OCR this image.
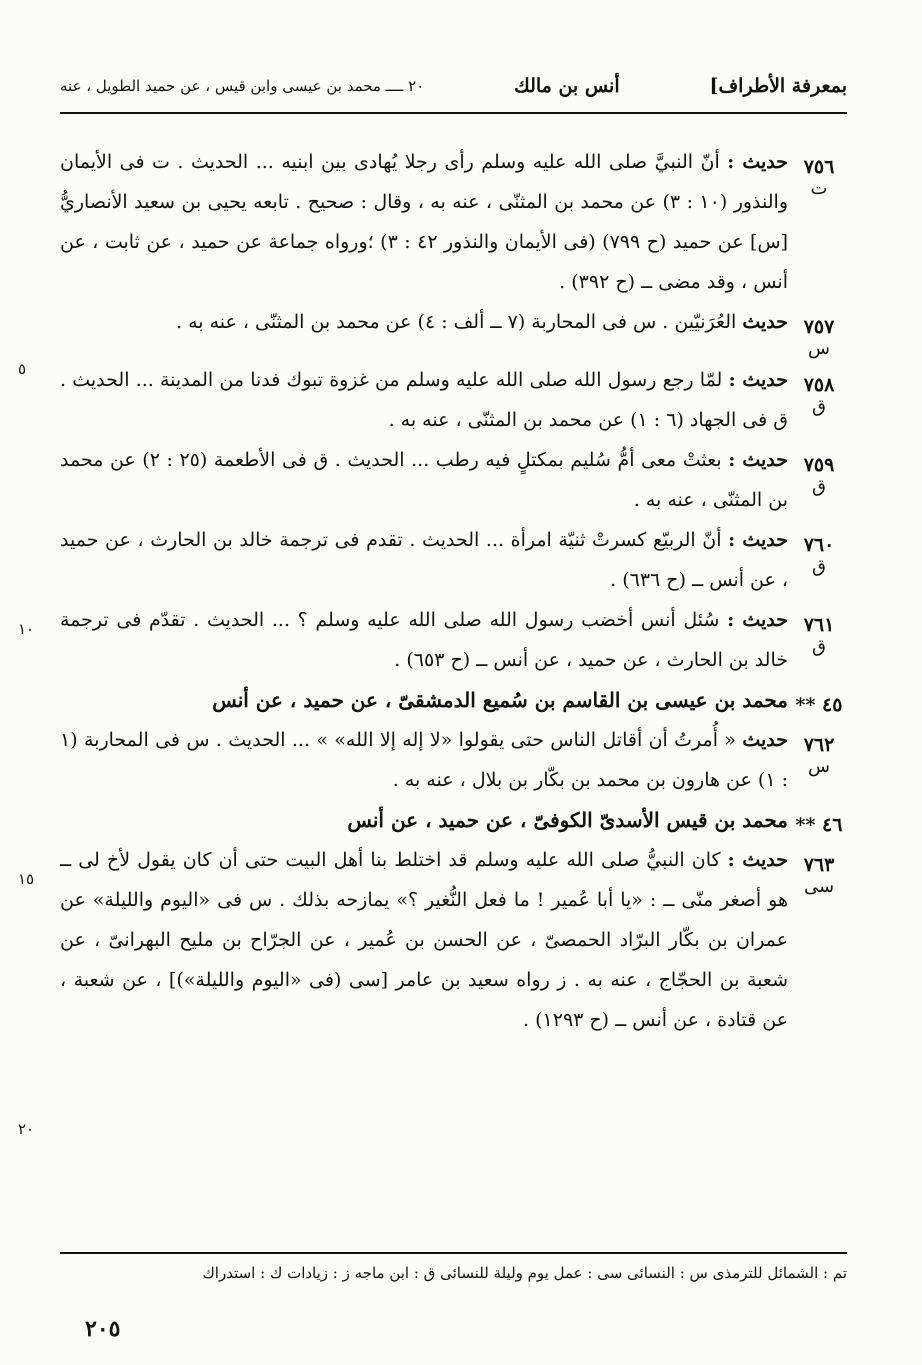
بمعرفة الأطراف]
أنس بن مالك
٢٠ ــــ محمد بن عيسى وابن قيس ، عن حميد الطويل ، عنه
٧٥٦
ت
حديث : أنّ النبيَّ صلى الله عليه وسلم رأى رجلا يُهادى بين ابنيه ... الحديث . ت فى الأيمان والنذور (١٠ : ٣) عن محمد بن المثنّى ، عنه به ، وقال : صحيح . تابعه يحيى بن سعيد الأنصاريُّ [س] عن حميد (ح ٧٩٩) (فى الأيمان والنذور ٤٢ : ٣) ؛ورواه جماعة عن حميد ، عن ثابت ، عن أنس ، وقد مضى ــ (ح ٣٩٢) .
٧٥٧
س
حديث العُرَنيّين . س فى المحاربة (٧ ــ ألف : ٤) عن محمد بن المثنّى ، عنه به .
٧٥٨
ق
حديث : لمّا رجع رسول الله صلى الله عليه وسلم من غزوة تبوك فدنا من المدينة ... الحديث . ق فى الجهاد (٦ : ١) عن محمد بن المثنّى ، عنه به .
٧٥٩
ق
حديث : بعثتْ معى أمُّ سُليم بمكتلٍ فيه رطب ... الحديث . ق فى الأطعمة (٢٥ : ٢) عن محمد بن المثنّى ، عنه به .
٧٦٠
ق
حديث : أنّ الربيّع كسرتْ ثنيّة امرأة ... الحديث . تقدم فى ترجمة خالد بن الحارث ، عن حميد ، عن أنس ــ (ح ٦٣٦) .
٧٦١
ق
حديث : سُئل أنس أخضب رسول الله صلى الله عليه وسلم ؟ ... الحديث . تقدّم فى ترجمة خالد بن الحارث ، عن حميد ، عن أنس ــ (ح ٦٥٣) .
٤٥ **
محمد بن عيسى بن القاسم بن سُميع الدمشقىّ ، عن حميد ، عن أنس
٧٦٢
س
حديث « أُمرتُ أن أقاتل الناس حتى يقولوا «لا إله إلا الله» » ... الحديث . س فى المحاربة (١ : ١) عن هارون بن محمد بن بكّار بن بلال ، عنه به .
٤٦ **
محمد بن قيس الأسدىّ الكوفىّ ، عن حميد ، عن أنس
٧٦٣
سى
حديث : كان النبيُّ صلى الله عليه وسلم قد اختلط بنا أهل البيت حتى أن كان يقول لأخ لى ــ هو أصغر منّى ــ : «يا أبا عُمير ! ما فعل النُّغير ؟» يمازحه بذلك . س فى «اليوم والليلة» عن عمران بن بكّار البرّاد الحمصىّ ، عن الحسن بن عُمير ، عن الجرّاح بن مليح البهرانىّ ، عن شعبة بن الحجّاج ، عنه به . ز رواه سعيد بن عامر [سى (فى «اليوم والليلة»)] ، عن شعبة ، عن قتادة ، عن أنس ــ (ح ١٢٩٣) .
٥
١٠
١٥
٢٠
تم : الشمائل للترمذى س : النسائى سى : عمل يوم وليلة للنسائى ق : ابن ماجه ز : زيادات ك : استدراك
٢٠٥
